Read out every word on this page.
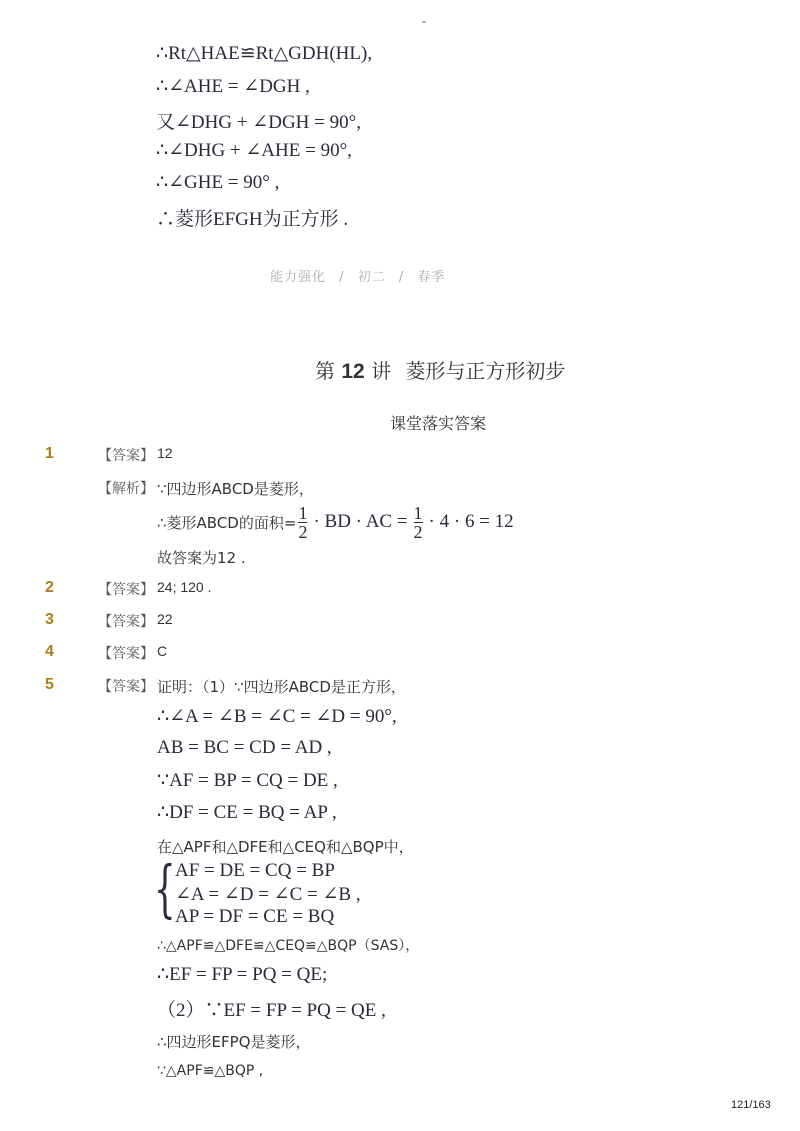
-
∴Rt△HAE≌Rt△GDH(HL),
∴∠AHE = ∠DGH ,
又∠DHG + ∠DGH = 90°,
∴∠DHG + ∠AHE = 90°,
∴∠GHE = 90° ,
∴菱形EFGH为正方形 .
能力强化 / 初二 / 春季
第 12 讲 菱形与正方形初步
课堂落实答案
1	【答案】 12
【解析】 ∵四边形ABCD是菱形，
∴菱形ABCD的面积= $\frac{1}{2}$ · BD · AC = $\frac{1}{2} \cdot 4 \cdot 6 = 12$
故答案为12 .
2	【答案】 24; 120 .
3	【答案】 22
4	【答案】 C
5	【答案】 证明：（1）∵四边形ABCD是正方形，
∴∠A = ∠B = ∠C = ∠D = 90°,
AB = BC = CD = AD ,
∵AF = BP = CQ = DE ,
∴DF = CE = BQ = AP ,
在△APF和△DFE和△CEQ和△BQP中，
{ AF = DE = CQ = BP
∠A = ∠D = ∠C = ∠B ,
AP = DF = CE = BQ
∴△APF≌△DFE≌△CEQ≌△BQP（SAS），
∴EF = FP = PQ = QE;
（2）∵EF = FP = PQ = QE ,
∴四边形EFPQ是菱形，
∵△APF≌△BQP ,
121/163
